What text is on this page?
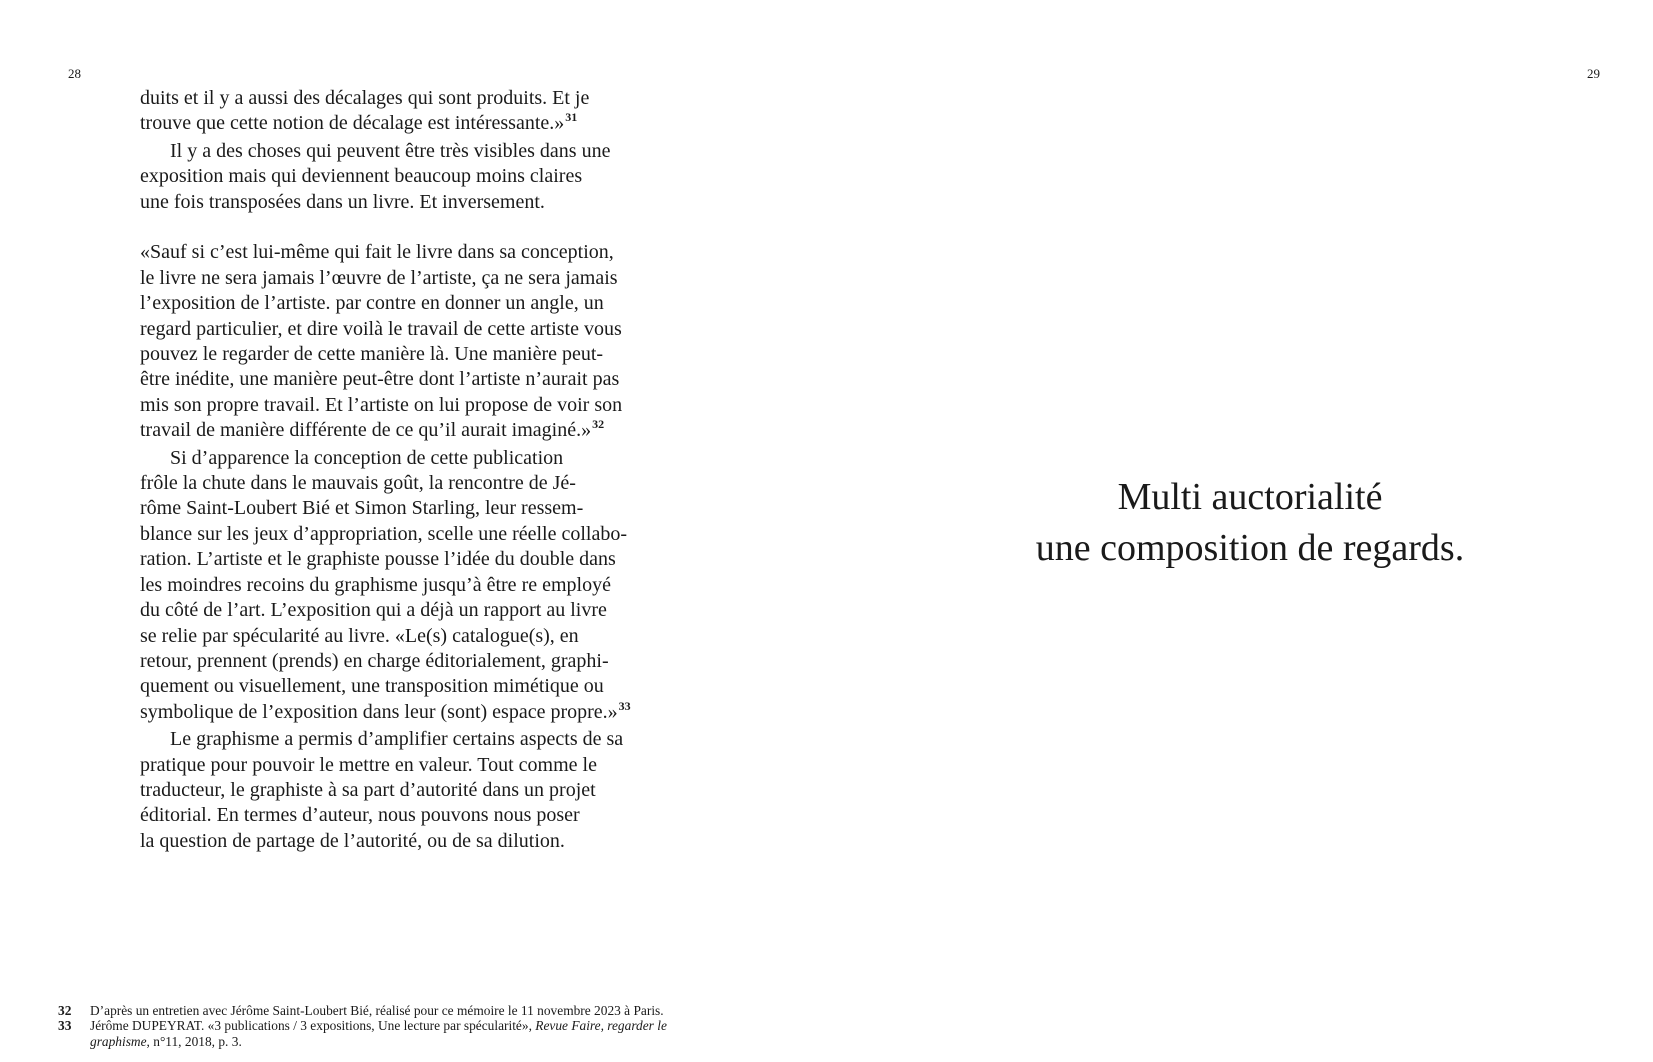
28	29
duits et il y a aussi des décalages qui sont produits. Et je
trouve que cette notion de décalage est intéressante.»$^{31}$
Il y a des choses qui peuvent être très visibles dans une
exposition mais qui deviennent beaucoup moins claires
une fois transposées dans un livre. Et inversement.
«Sauf si c’est lui-même qui fait le livre dans sa conception,
le livre ne sera jamais l’œuvre de l’artiste, ça ne sera jamais
l’exposition de l’artiste. par contre en donner un angle, un
regard particulier, et dire voilà le travail de cette artiste vous
pouvez le regarder de cette manière là. Une manière peut-
être inédite, une manière peut-être dont l’artiste n’aurait pas
mis son propre travail. Et l’artiste on lui propose de voir son
travail de manière différente de ce qu’il aurait imaginé.»$^{32}$
Si d’apparence la conception de cette publication
frôle la chute dans le mauvais goût, la rencontre de Jé-
rôme Saint-Loubert Bié et Simon Starling, leur ressem-
blance sur les jeux d’appropriation, scelle une réelle collabo-
ration. L’artiste et le graphiste pousse l’idée du double dans
les moindres recoins du graphisme jusqu’à être re employé
du côté de l’art. L’exposition qui a déjà un rapport au livre
se relie par spécularité au livre. «Le(s) catalogue(s), en
retour, prennent (prends) en charge éditorialement, graphi-
quement ou visuellement, une transposition mimétique ou
symbolique de l’exposition dans leur (sont) espace propre.»$^{33}$
Le graphisme a permis d’amplifier certains aspects de sa
pratique pour pouvoir le mettre en valeur. Tout comme le
traducteur, le graphiste à sa part d’autorité dans un projet
éditorial. En termes d’auteur, nous pouvons nous poser
la question de partage de l’autorité, ou de sa dilution.
32 D’après un entretien avec Jérôme Saint-Loubert Bié, réalisé pour ce mémoire le 11 novembre 2023 à Paris.
33 Jérôme DUPEYRAT. «3 publications / 3 expositions, Une lecture par spécularité», Revue Faire, regarder le
graphisme, n°11, 2018, p. 3.
Multi auctorialité
une composition de regards.
